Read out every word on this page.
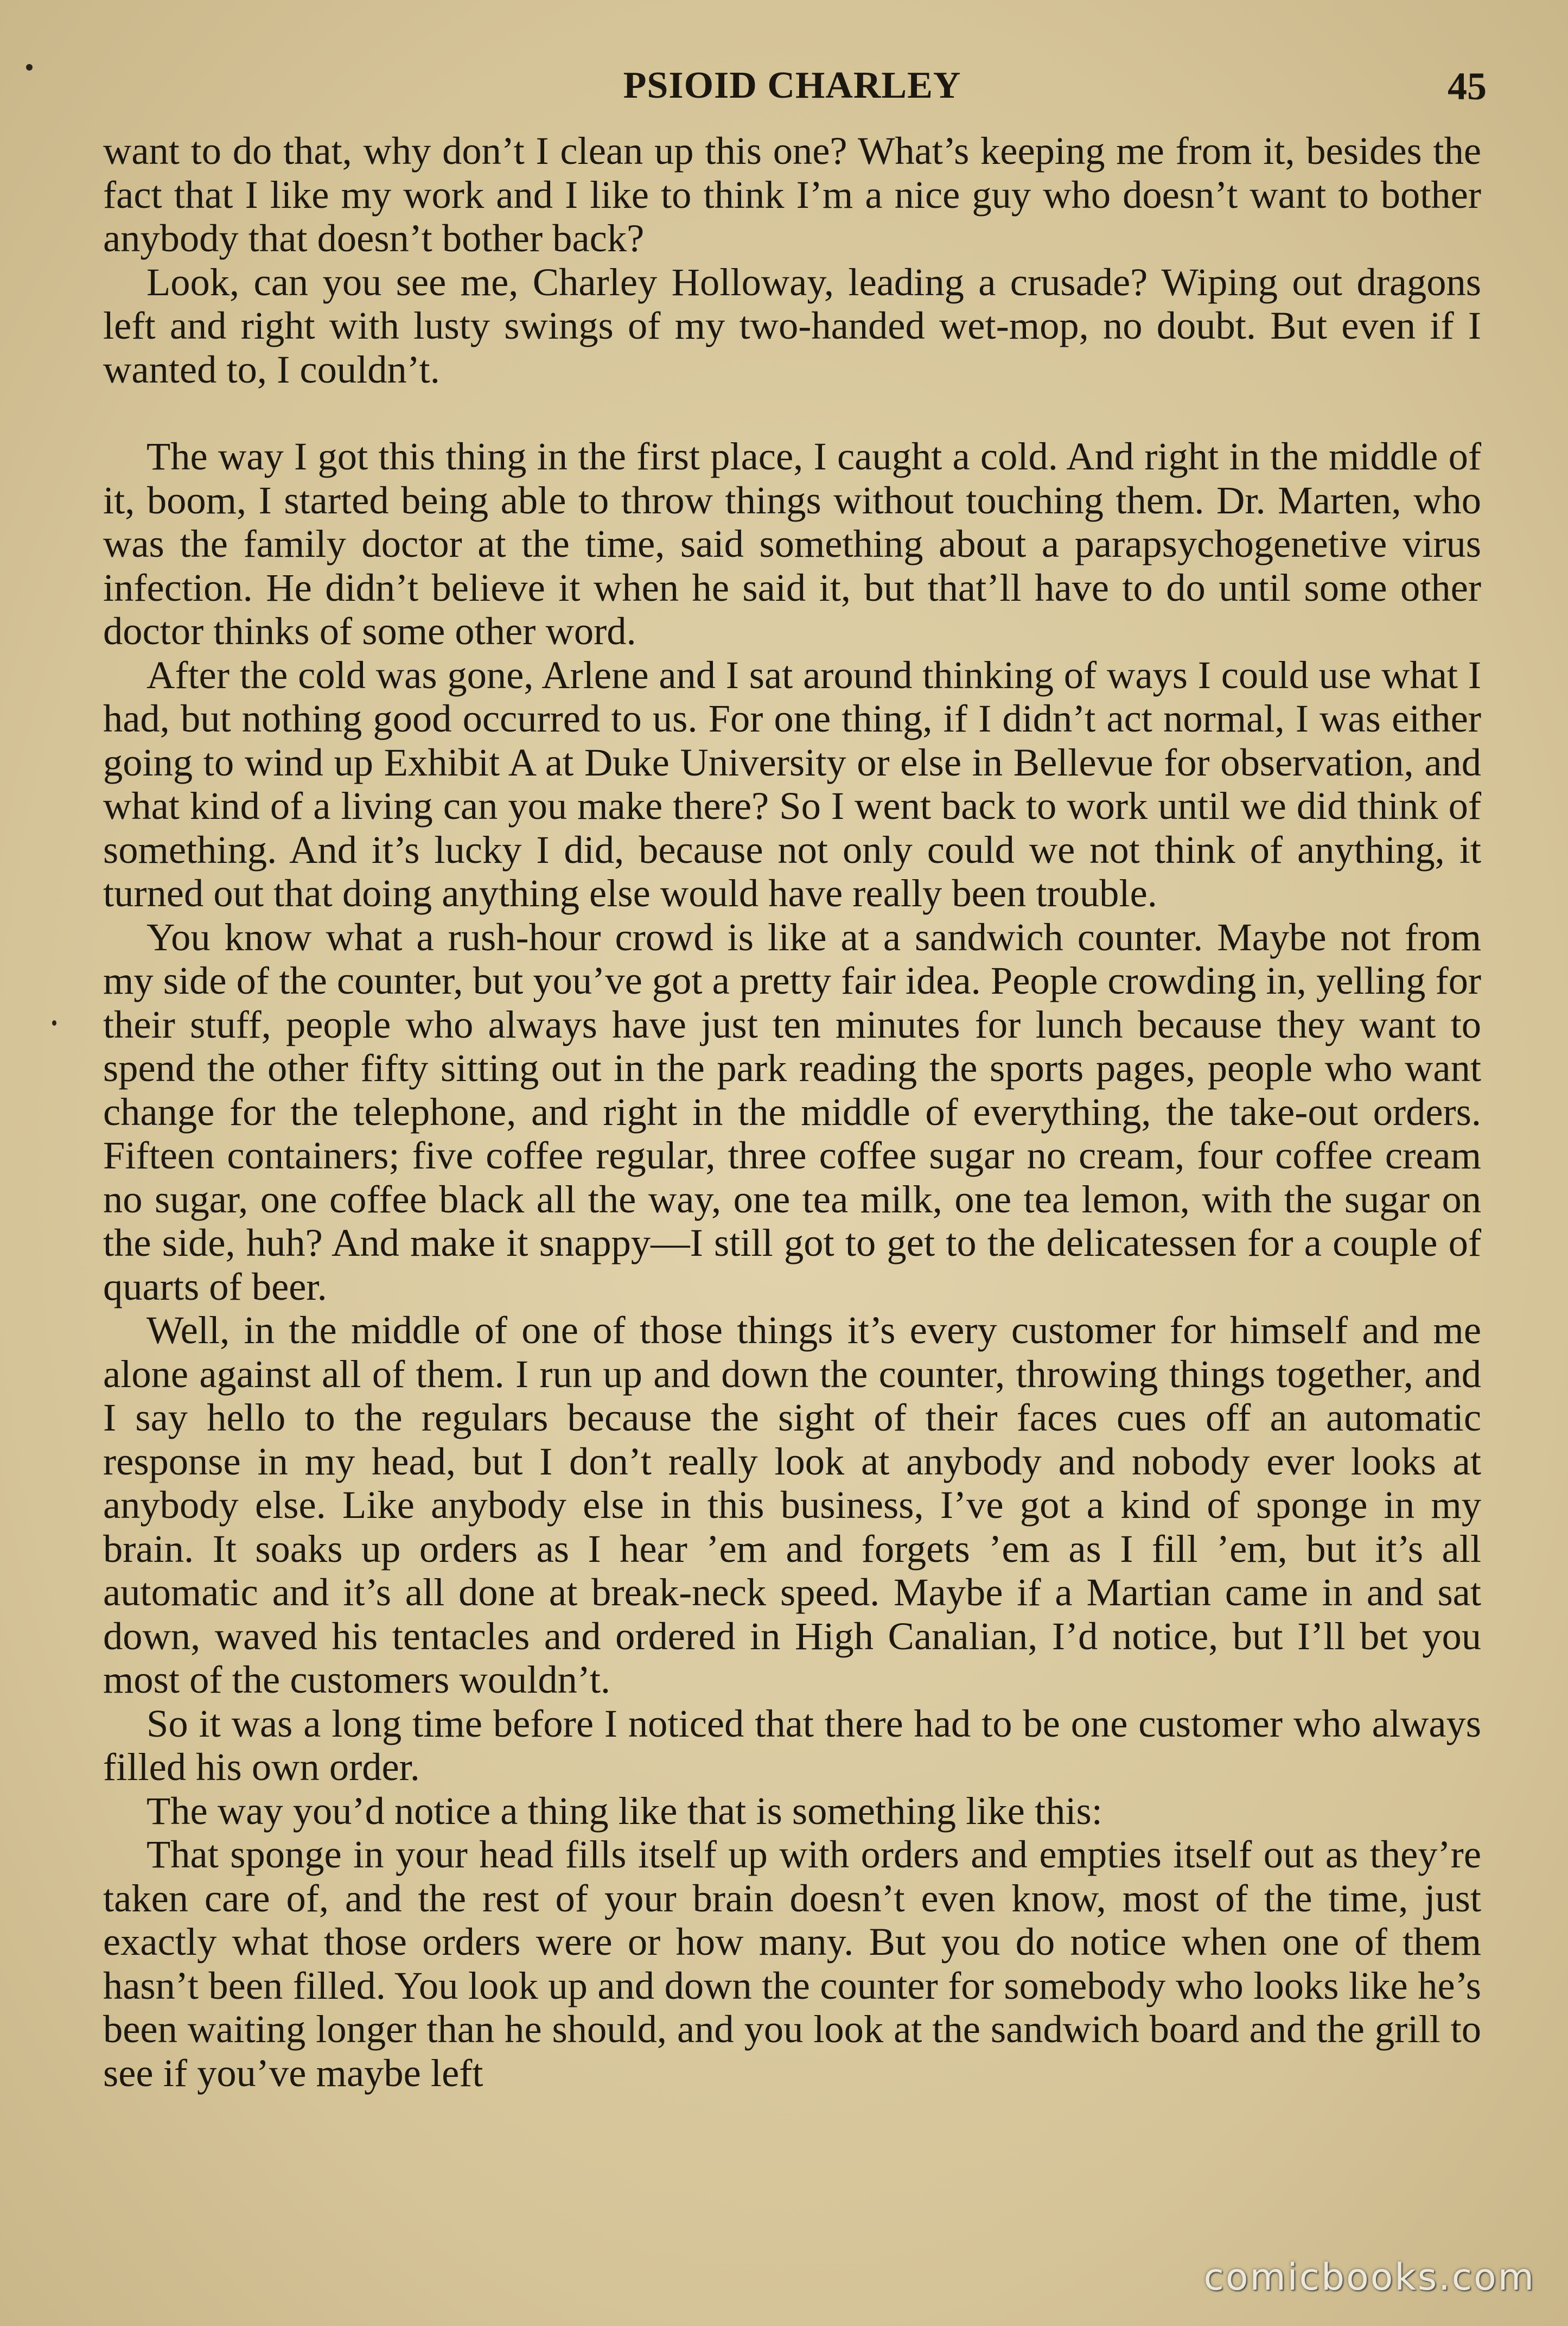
PSIOID CHARLEY	45

want to do that, why don’t I clean up this one? What’s keeping me from it, besides the fact that I like my work and I like to think I’m a nice guy who doesn’t want to bother anybody that doesn’t bother back?

Look, can you see me, Charley Holloway, leading a crusade? Wiping out dragons left and right with lusty swings of my two-handed wet-mop, no doubt. But even if I wanted to, I couldn’t.

The way I got this thing in the first place, I caught a cold. And right in the middle of it, boom, I started being able to throw things without touching them. Dr. Marten, who was the family doctor at the time, said something about a parapsychogenetive virus infection. He didn’t believe it when he said it, but that’ll have to do until some other doctor thinks of some other word.

After the cold was gone, Arlene and I sat around thinking of ways I could use what I had, but nothing good occurred to us. For one thing, if I didn’t act normal, I was either going to wind up Exhibit A at Duke University or else in Bellevue for observation, and what kind of a living can you make there? So I went back to work until we did think of something. And it’s lucky I did, because not only could we not think of anything, it turned out that doing anything else would have really been trouble.

You know what a rush-hour crowd is like at a sandwich counter. Maybe not from my side of the counter, but you’ve got a pretty fair idea. People crowding in, yelling for their stuff, people who always have just ten minutes for lunch because they want to spend the other fifty sitting out in the park reading the sports pages, people who want change for the telephone, and right in the middle of everything, the take-out orders. Fifteen containers; five coffee regular, three coffee sugar no cream, four coffee cream no sugar, one coffee black all the way, one tea milk, one tea lemon, with the sugar on the side, huh? And make it snappy—I still got to get to the delicatessen for a couple of quarts of beer.

Well, in the middle of one of those things it’s every customer for himself and me alone against all of them. I run up and down the counter, throwing things together, and I say hello to the regulars because the sight of their faces cues off an automatic response in my head, but I don’t really look at anybody and nobody ever looks at anybody else. Like anybody else in this business, I’ve got a kind of sponge in my brain. It soaks up orders as I hear ’em and forgets ’em as I fill ’em, but it’s all automatic and it’s all done at break-neck speed. Maybe if a Martian came in and sat down, waved his tentacles and ordered in High Canalian, I’d notice, but I’ll bet you most of the customers wouldn’t.

So it was a long time before I noticed that there had to be one customer who always filled his own order.

The way you’d notice a thing like that is something like this:

That sponge in your head fills itself up with orders and empties itself out as they’re taken care of, and the rest of your brain doesn’t even know, most of the time, just exactly what those orders were or how many. But you do notice when one of them hasn’t been filled. You look up and down the counter for somebody who looks like he’s been waiting longer than he should, and you look at the sandwich board and the grill to see if you’ve maybe left

comicbooks.com
